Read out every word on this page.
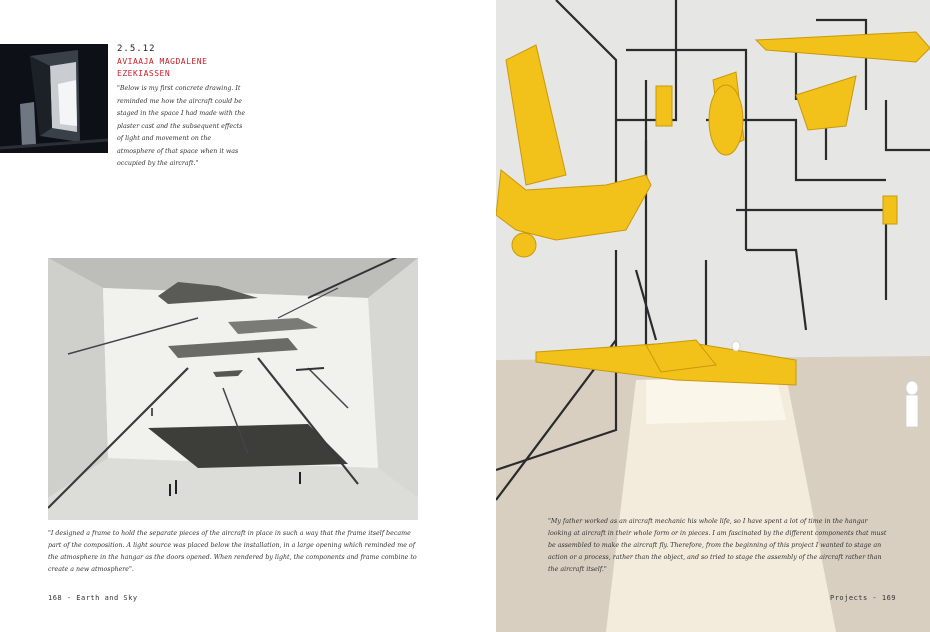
2.5.12
AVIAAJA MAGDALENE
EZEKIASSEN
"Below is my first concrete drawing. It reminded me how the aircraft could be staged in the space I had made with the plaster cast and the subsequent effects of light and movement on the atmosphere of that space when it was occupied by the aircraft."
"I designed a frame to hold the separate pieces of the aircraft in place in such a way that the frame itself became part of the composition. A light source was placed below the installation, in a large opening which reminded me of the atmosphere in the hangar as the doors opened. When rendered by light, the components and frame combine to create a new atmosphere".
168 - Earth and Sky
"My father worked as an aircraft mechanic his whole life, so I have spent a lot of time in the hangar looking at aircraft in their whole form or in pieces. I am fascinated by the different components that must be assembled to make the aircraft fly. Therefore, from the beginning of this project I wanted to stage an action or a process, rather than the object, and so tried to stage the assembly of the aircraft rather than the aircraft itself."
Projects - 169
